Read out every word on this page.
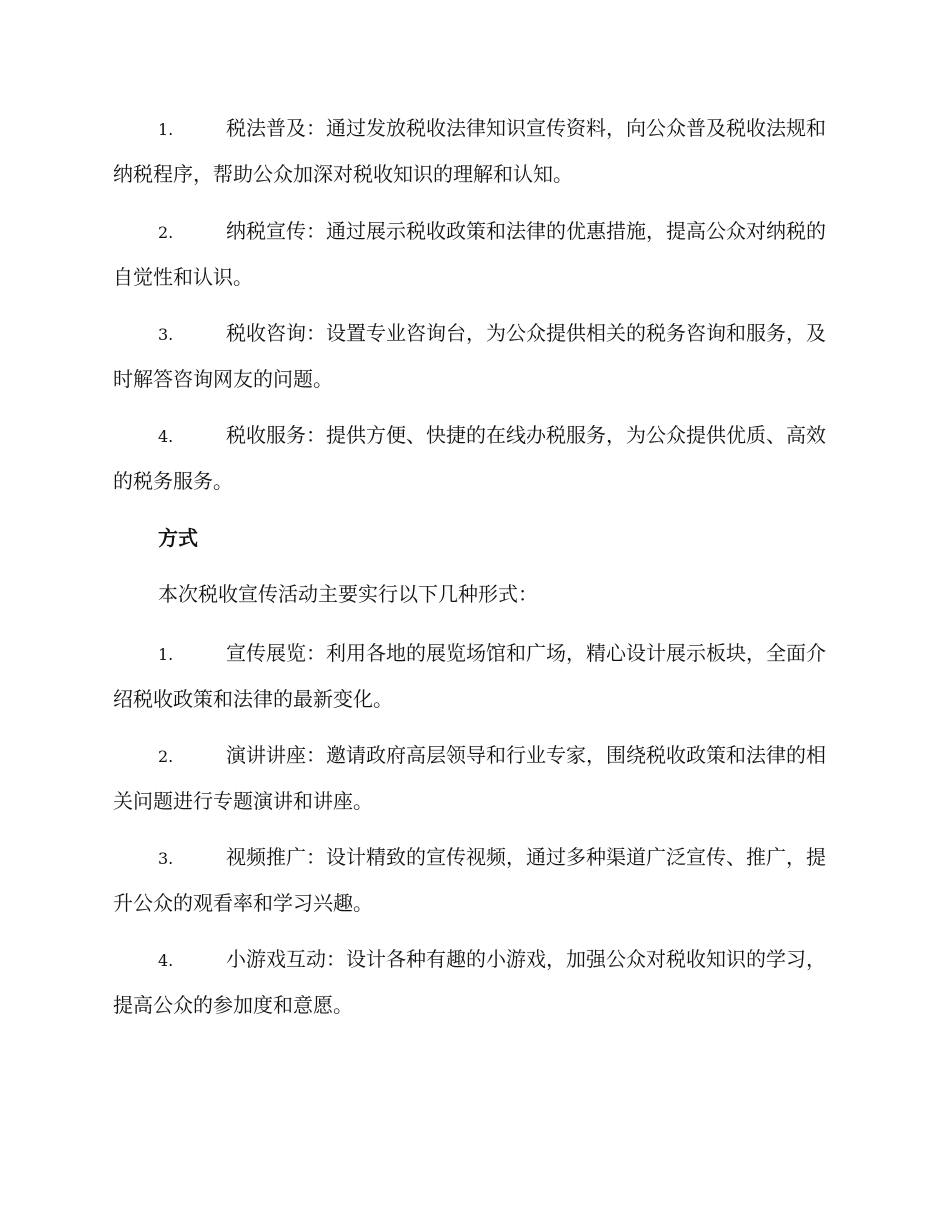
1.	税法普及：通过发放税收法律知识宣传资料，向公众普及税收法规和纳税程序，帮助公众加深对税收知识的理解和认知。

2.	纳税宣传：通过展示税收政策和法律的优惠措施，提高公众对纳税的自觉性和认识。

3.	税收咨询：设置专业咨询台，为公众提供相关的税务咨询和服务，及时解答咨询网友的问题。

4.	税收服务：提供方便、快捷的在线办税服务，为公众提供优质、高效的税务服务。

方式

本次税收宣传活动主要实行以下几种形式：

1.	宣传展览：利用各地的展览场馆和广场，精心设计展示板块，全面介绍税收政策和法律的最新变化。

2.	演讲讲座：邀请政府高层领导和行业专家，围绕税收政策和法律的相关问题进行专题演讲和讲座。

3.	视频推广：设计精致的宣传视频，通过多种渠道广泛宣传、推广，提升公众的观看率和学习兴趣。

4.	小游戏互动：设计各种有趣的小游戏，加强公众对税收知识的学习，提高公众的参加度和意愿。
